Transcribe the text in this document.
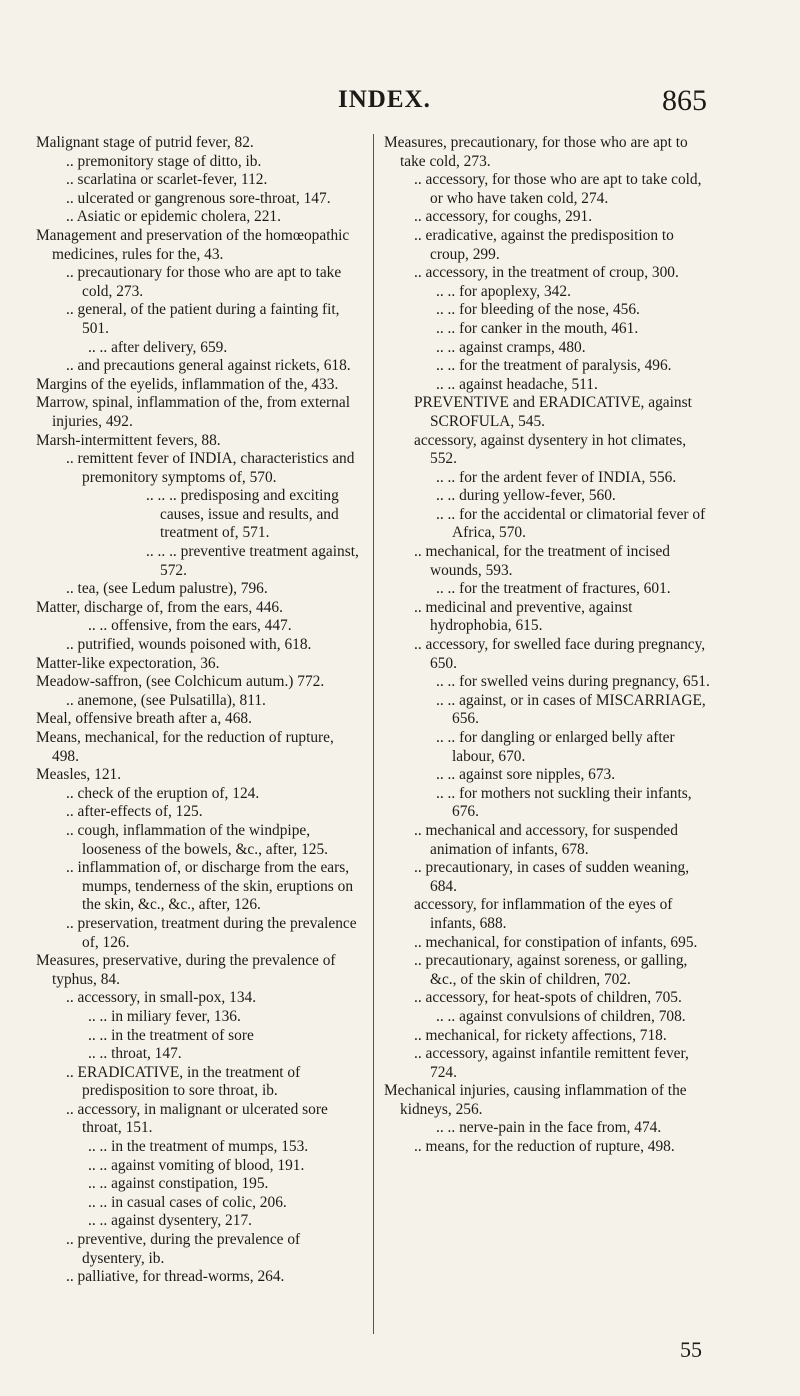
INDEX.	865
Malignant stage of putrid fever, 82.
.. premonitory stage of ditto, ib.
.. scarlatina or scarlet-fever, 112.
.. ulcerated or gangrenous sore-throat, 147.
.. Asiatic or epidemic cholera, 221.
Management and preservation of the homœopathic medicines, rules for the, 43.
.. precautionary for those who are apt to take cold, 273.
.. general, of the patient during a fainting fit, 501.
.. .. after delivery, 659.
.. and precautions general against rickets, 618.
Margins of the eyelids, inflammation of the, 433.
Marrow, spinal, inflammation of the, from external injuries, 492.
Marsh-intermittent fevers, 88.
.. remittent fever of INDIA, characteristics and premonitory symptoms of, 570.
.. .. .. predisposing and exciting causes, issue and results, and treatment of, 571.
.. .. .. preventive treatment against, 572.
.. tea, (see Ledum palustre), 796.
Matter, discharge of, from the ears, 446.
.. .. offensive, from the ears, 447.
.. putrified, wounds poisoned with, 618.
Matter-like expectoration, 36.
Meadow-saffron, (see Colchicum autum.) 772.
.. anemone, (see Pulsatilla), 811.
Meal, offensive breath after a, 468.
Means, mechanical, for the reduction of rupture, 498.
Measles, 121.
.. check of the eruption of, 124.
.. after-effects of, 125.
.. cough, inflammation of the windpipe, looseness of the bowels, &c., after, 125.
.. inflammation of, or discharge from the ears, mumps, tenderness of the skin, eruptions on the skin, &c., &c., after, 126.
.. preservation, treatment during the prevalence of, 126.
Measures, preservative, during the prevalence of typhus, 84.
.. accessory, in small-pox, 134.
.. .. in miliary fever, 136.
.. .. in the treatment of sore
.. .. throat, 147.
.. ERADICATIVE, in the treatment of predisposition to sore throat, ib.
.. accessory, in malignant or ulcerated sore throat, 151.
.. .. in the treatment of mumps, 153.
.. .. against vomiting of blood, 191.
.. .. against constipation, 195.
.. .. in casual cases of colic, 206.
.. .. against dysentery, 217.
.. preventive, during the prevalence of dysentery, ib.
.. palliative, for thread-worms, 264.
Measures, precautionary, for those who are apt to take cold, 273.
.. accessory, for those who are apt to take cold, or who have taken cold, 274.
.. accessory, for coughs, 291.
.. eradicative, against the predisposition to croup, 299.
.. accessory, in the treatment of croup, 300.
.. .. for apoplexy, 342.
.. .. for bleeding of the nose, 456.
.. .. for canker in the mouth, 461.
.. .. against cramps, 480.
.. .. for the treatment of paralysis, 496.
.. .. against headache, 511.
PREVENTIVE and ERADICATIVE, against SCROFULA, 545.
accessory, against dysentery in hot climates, 552.
.. .. for the ardent fever of INDIA, 556.
.. .. during yellow-fever, 560.
.. .. for the accidental or climatorial fever of Africa, 570.
.. mechanical, for the treatment of incised wounds, 593.
.. .. for the treatment of fractures, 601.
.. medicinal and preventive, against hydrophobia, 615.
.. accessory, for swelled face during pregnancy, 650.
.. .. for swelled veins during pregnancy, 651.
.. .. against, or in cases of MISCARRIAGE, 656.
.. .. for dangling or enlarged belly after labour, 670.
.. .. against sore nipples, 673.
.. .. for mothers not suckling their infants, 676.
.. mechanical and accessory, for suspended animation of infants, 678.
.. precautionary, in cases of sudden weaning, 684.
accessory, for inflammation of the eyes of infants, 688.
.. mechanical, for constipation of infants, 695.
.. precautionary, against soreness, or galling, &c., of the skin of children, 702.
.. accessory, for heat-spots of children, 705.
.. .. against convulsions of children, 708.
.. mechanical, for rickety affections, 718.
.. accessory, against infantile remittent fever, 724.
Mechanical injuries, causing inflammation of the kidneys, 256.
.. .. nerve-pain in the face from, 474.
.. means, for the reduction of rupture, 498.
55
